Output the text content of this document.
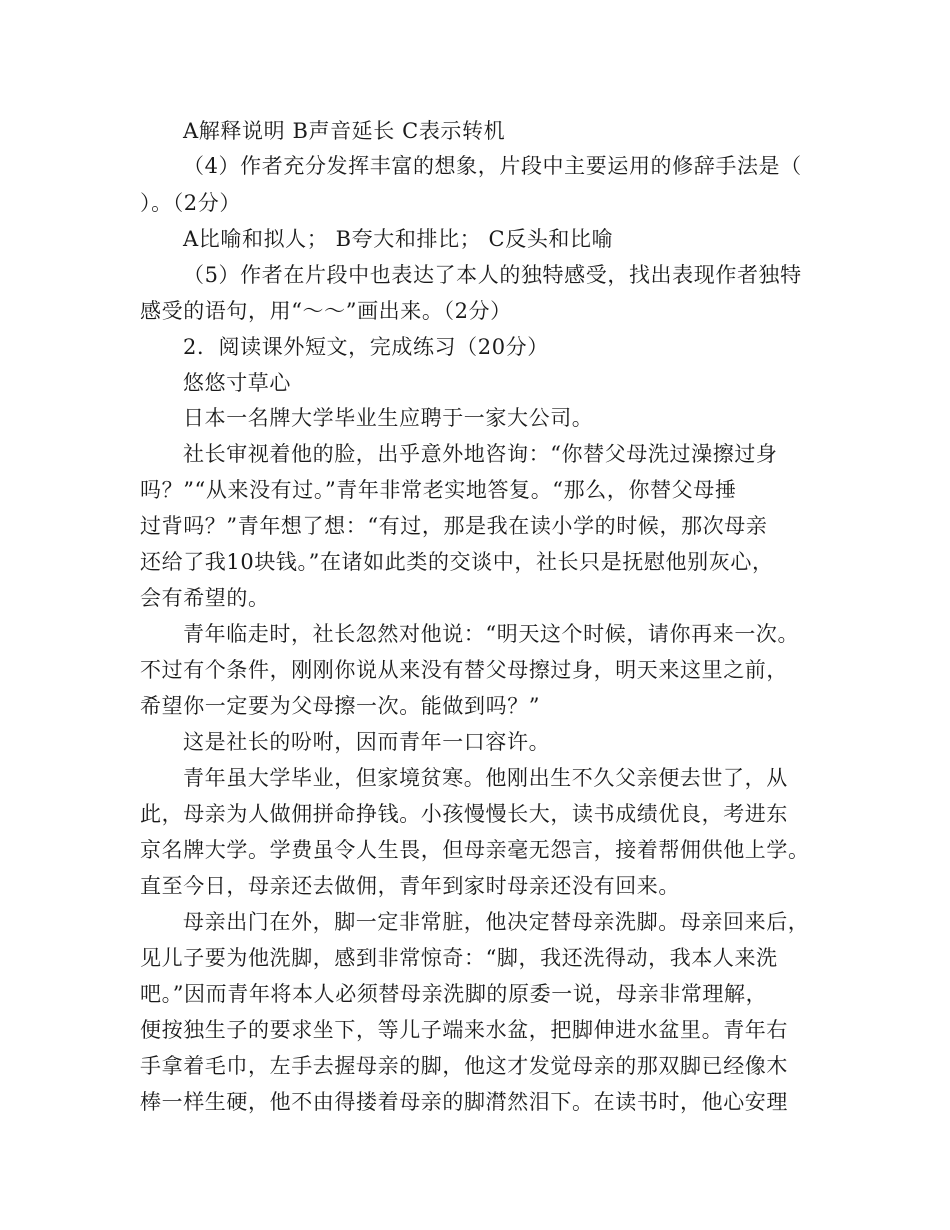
A解释说明 B声音延长 C表示转机
（4）作者充分发挥丰富的想象，片段中主要运用的修辞手法是（
）。（2分）
A比喻和拟人； B夸大和排比； C反头和比喻
（5）作者在片段中也表达了本人的独特感受，找出表现作者独特
感受的语句，用“～～”画出来。（2分）
2．阅读课外短文，完成练习（20分）
悠悠寸草心
日本一名牌大学毕业生应聘于一家大公司。
社长审视着他的脸，出乎意外地咨询：“你替父母洗过澡擦过身
吗？”“从来没有过。”青年非常老实地答复。“那么，你替父母捶
过背吗？”青年想了想：“有过，那是我在读小学的时候，那次母亲
还给了我10块钱。”在诸如此类的交谈中，社长只是抚慰他别灰心，
会有希望的。
青年临走时，社长忽然对他说：“明天这个时候，请你再来一次。
不过有个条件，刚刚你说从来没有替父母擦过身，明天来这里之前，
希望你一定要为父母擦一次。能做到吗？”
这是社长的吩咐，因而青年一口容许。
青年虽大学毕业，但家境贫寒。他刚出生不久父亲便去世了，从
此，母亲为人做佣拼命挣钱。小孩慢慢长大，读书成绩优良，考进东
京名牌大学。学费虽令人生畏，但母亲毫无怨言，接着帮佣供他上学。
直至今日，母亲还去做佣，青年到家时母亲还没有回来。
母亲出门在外，脚一定非常脏，他决定替母亲洗脚。母亲回来后，
见儿子要为他洗脚，感到非常惊奇：“脚，我还洗得动，我本人来洗
吧。”因而青年将本人必须替母亲洗脚的原委一说，母亲非常理解，
便按独生子的要求坐下，等儿子端来水盆，把脚伸进水盆里。青年右
手拿着毛巾，左手去握母亲的脚，他这才发觉母亲的那双脚已经像木
棒一样生硬，他不由得搂着母亲的脚潸然泪下。在读书时，他心安理
